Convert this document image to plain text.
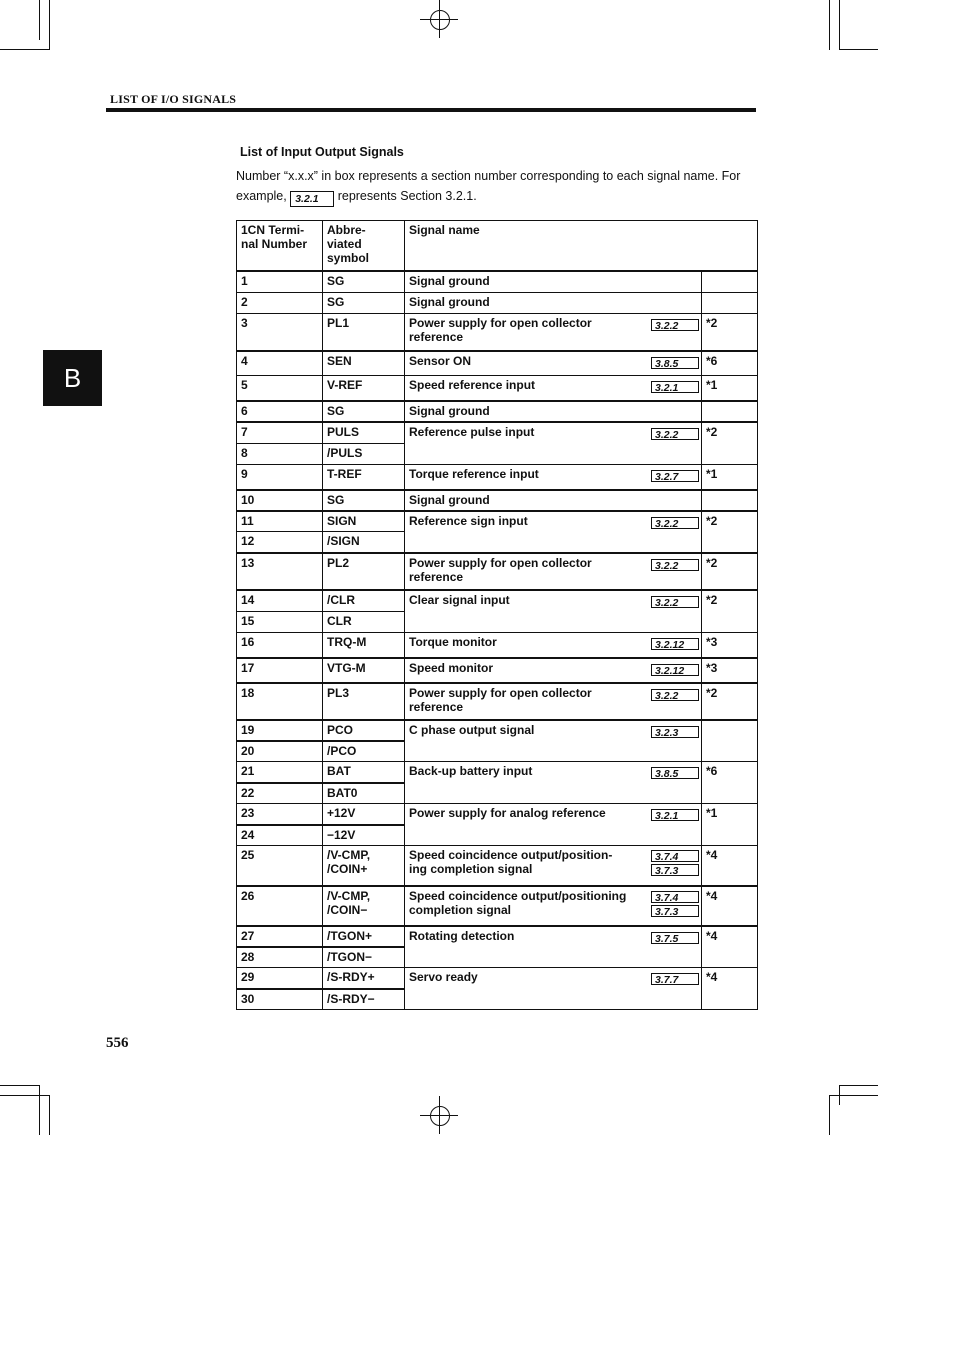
LIST OF I/O SIGNALS
B
List of Input Output Signals
Number “x.x.x” in box represents a section number corresponding to each signal name. For example, 3.2.1 represents Section 3.2.1.
1CN Termi-
nal Number	Abbre-
viated
symbol	Signal name	
1	SG	Signal ground	
2	SG	Signal ground	
3	PL1	Power supply for open collector
reference
3.2.2	*2
4	SEN	Sensor ON 3.8.5	*6
5	V-REF	Speed reference input 3.2.1	*1
6	SG	Signal ground	
7	PULS	Reference pulse input 3.2.2	*2
8	/PULS		
9	T-REF	Torque reference input 3.2.7	*1
10	SG	Signal ground	
11	SIGN	Reference sign input 3.2.2	*2
12	/SIGN		
13	PL2	Power supply for open collector
reference
3.2.2	*2
14	/CLR	Clear signal input 3.2.2	*2
15	CLR		
16	TRQ-M	Torque monitor 3.2.12	*3
17	VTG-M	Speed monitor 3.2.12	*3
18	PL3	Power supply for open collector
reference
3.2.2	*2
19	PCO	C phase output signal 3.2.3	

20	/PCO		
21	BAT	Back-up battery input 3.8.5	*6
22	BAT0		
23	+12V	Power supply for analog reference 3.2.1	*1
24	−12V		
25	/V-CMP,
/COIN+	Speed coincidence output/position-
ing completion signal
3.7.4
3.7.3	*4
26	/V-CMP,
/COIN−	Speed coincidence output/positioning
completion signal
3.7.4
3.7.3	*4
27	/TGON+	Rotating detection 3.7.5	*4
28	/TGON−		
29	/S-RDY+	Servo ready 3.7.7	*4
30	/S-RDY−		
556
